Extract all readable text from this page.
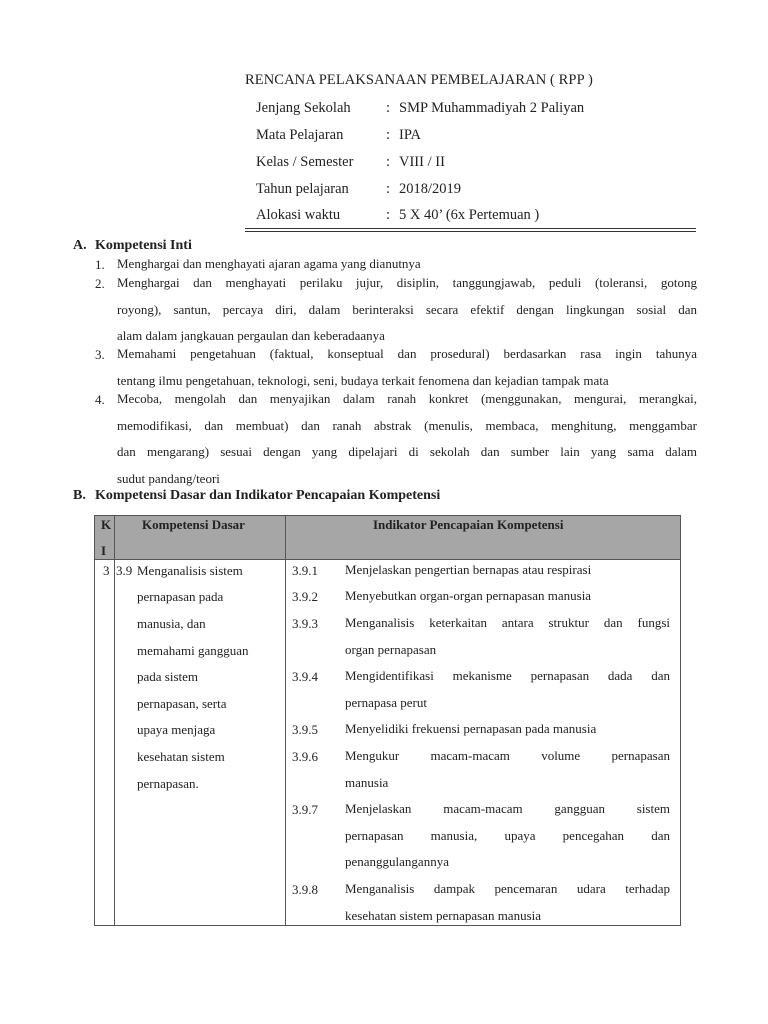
RENCANA PELAKSANAAN PEMBELAJARAN ( RPP )
Jenjang Sekolah : SMP Muhammadiyah 2 Paliyan
Mata Pelajaran	: IPA
Kelas / Semester : VIII / II
Tahun pelajaran	: 2018/2019
Alokasi waktu	: 5 X 40’ (6x Pertemuan )
A. Kompetensi Inti
1. Menghargai dan menghayati ajaran agama yang dianutnya
2. Menghargai dan menghayati perilaku jujur, disiplin, tanggungjawab, peduli (toleransi, gotong
royong), santun, percaya diri, dalam berinteraksi secara efektif dengan lingkungan sosial dan
alam dalam jangkauan pergaulan dan keberadaanya
3. Memahami pengetahuan (faktual, konseptual dan prosedural) berdasarkan rasa ingin tahunya
tentang ilmu pengetahuan, teknologi, seni, budaya terkait fenomena dan kejadian tampak mata
4. Mecoba, mengolah dan menyajikan dalam ranah konkret (menggunakan, mengurai, merangkai,
memodifikasi, dan membuat) dan ranah abstrak (menulis, membaca, menghitung, menggambar
dan mengarang) sesuai dengan yang dipelajari di sekolah dan sumber lain yang sama dalam
sudut pandang/teori
B. Kompetensi Dasar dan Indikator Pencapaian Kompetensi
K
I
Kompetensi Dasar	Indikator Pencapaian Kompetensi
3 3.9 Menganalisis sistem
pernapasan pada
manusia, dan
memahami gangguan
pada sistem
pernapasan, serta
upaya menjaga
kesehatan sistem
pernapasan.
3.9.1 Menjelaskan pengertian bernapas atau respirasi
3.9.2 Menyebutkan organ-organ pernapasan manusia
3.9.3 Menganalisis keterkaitan antara struktur dan fungsi
organ pernapasan
3.9.4 Mengidentifikasi mekanisme pernapasan dada dan
pernapasa perut
3.9.5 Menyelidiki frekuensi pernapasan pada manusia
3.9.6 Mengukur macam-macam volume pernapasan
manusia
3.9.7 Menjelaskan macam-macam gangguan sistem
pernapasan manusia, upaya pencegahan dan
penanggulangannya
3.9.8 Menganalisis dampak pencemaran udara terhadap
kesehatan sistem pernapasan manusia
